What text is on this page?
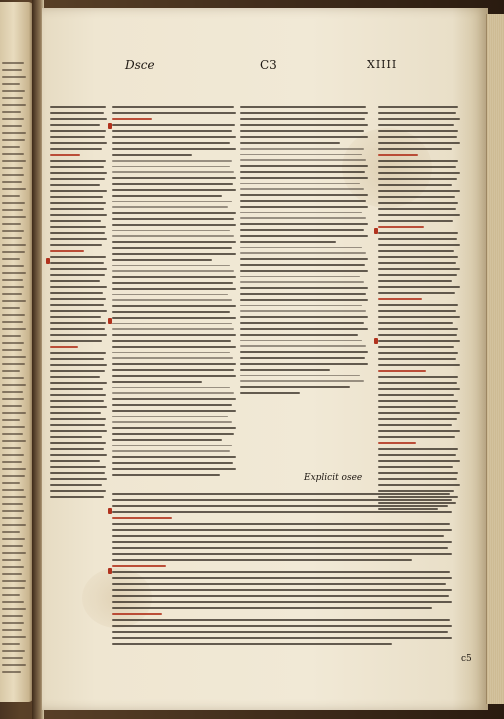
Dsce	C3	XIIII
Explicit osee
c5
